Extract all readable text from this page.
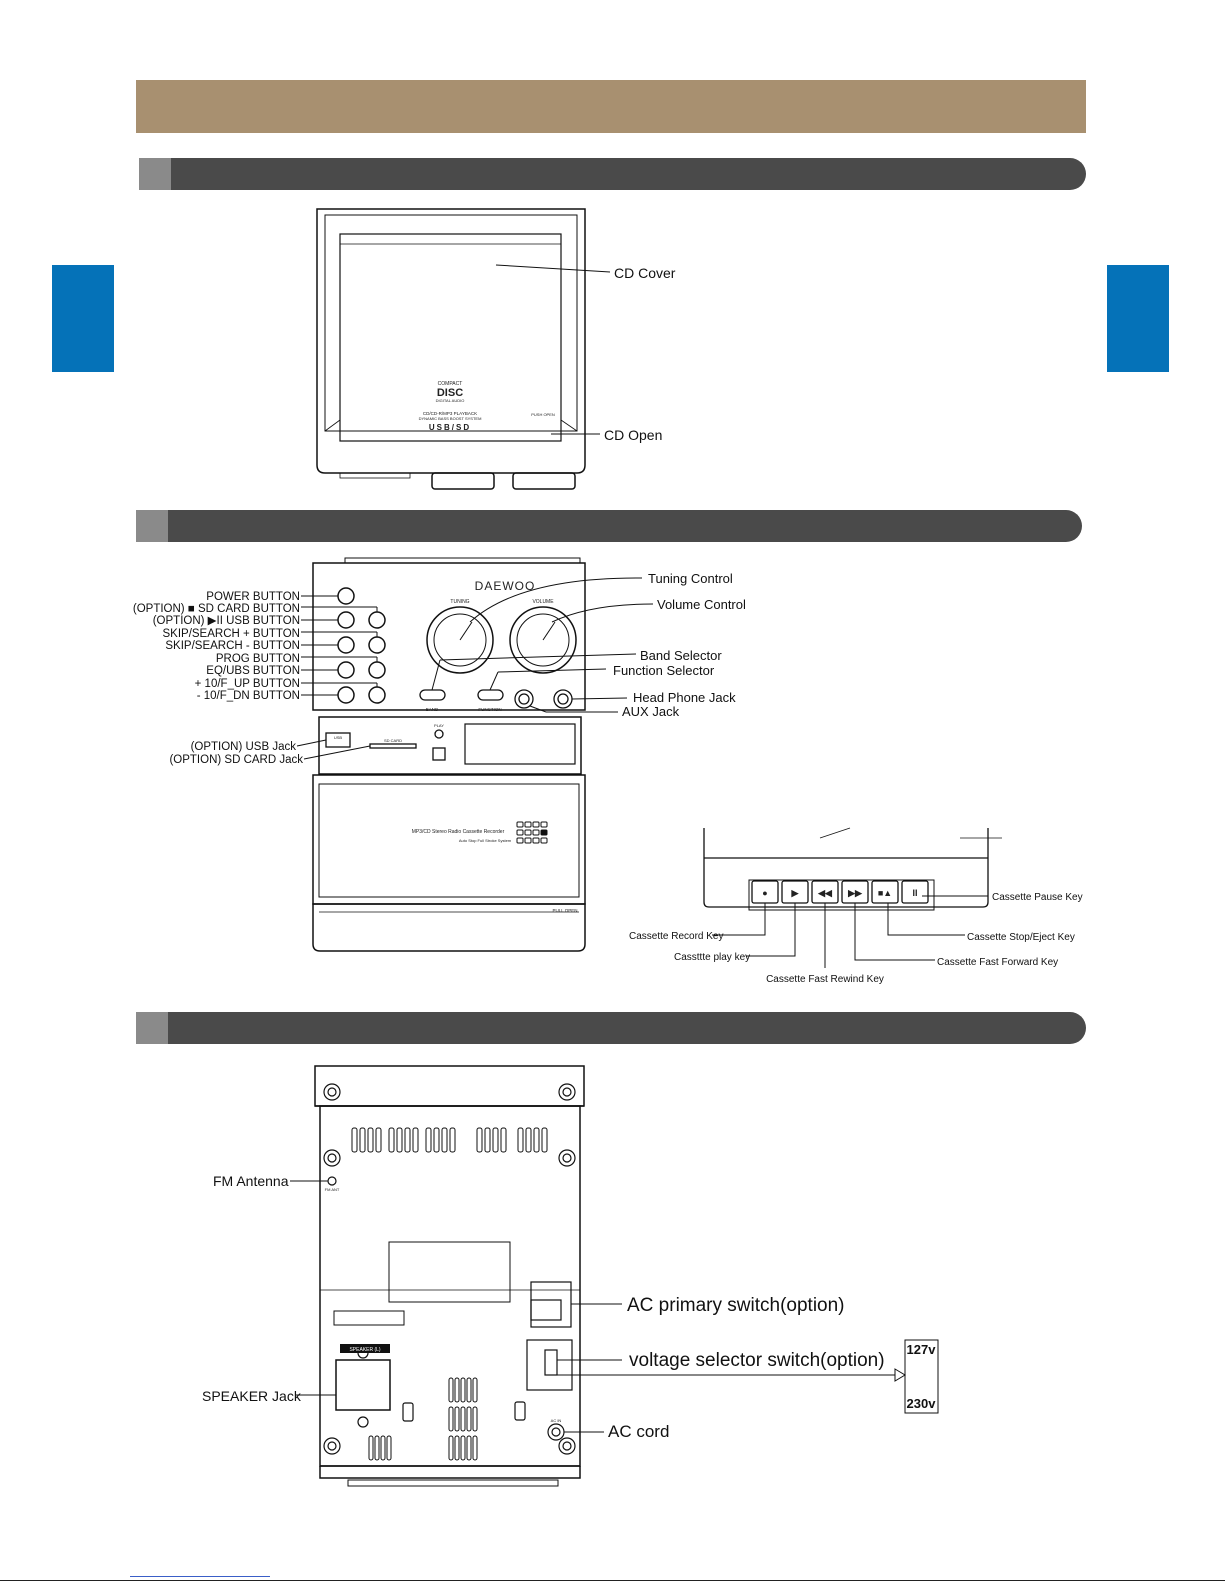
COMPACT
DISC
DIGITAL AUDIO
CD/CD-R/MP3 PLAYBACK
DYNAMIC BASS BOOST SYSTEM
USB/SD
PUSH OPEN
CD Cover
CD Open
DAEWOO
TUNING	VOLUME
BAND	FUNCTION
USB
SD CARD
PLAY
MP3/CD Stereo Radio Cassette Recorder
Auto Stop Full Stroke System
PULL OPEN
POWER BUTTON
(OPTION) ■ SD CARD BUTTON
(OPTION) ▶II USB BUTTON
SKIP/SEARCH + BUTTON
SKIP/SEARCH - BUTTON
PROG BUTTON
EQ/UBS BUTTON
+ 10/F_UP BUTTON
- 10/F_DN BUTTON
(OPTION) USB Jack
(OPTION) SD CARD Jack
Tuning Control
Volume Control
Band Selector
Function Selector
Head Phone Jack
AUX Jack
●	▶ ◀◀ ▶▶ ■▲ II	Cassette Pause Key
Cassette Record Key	Cassette Stop/Eject Key
Cassttte play key	Cassette Fast Forward Key
Cassette Fast Rewind Key
FM ANT
SPEAKER (L)
AC IN
FM Antenna
AC primary switch(option)
voltage selector switch(option)
SPEAKER Jack
AC cord
127v
230v
